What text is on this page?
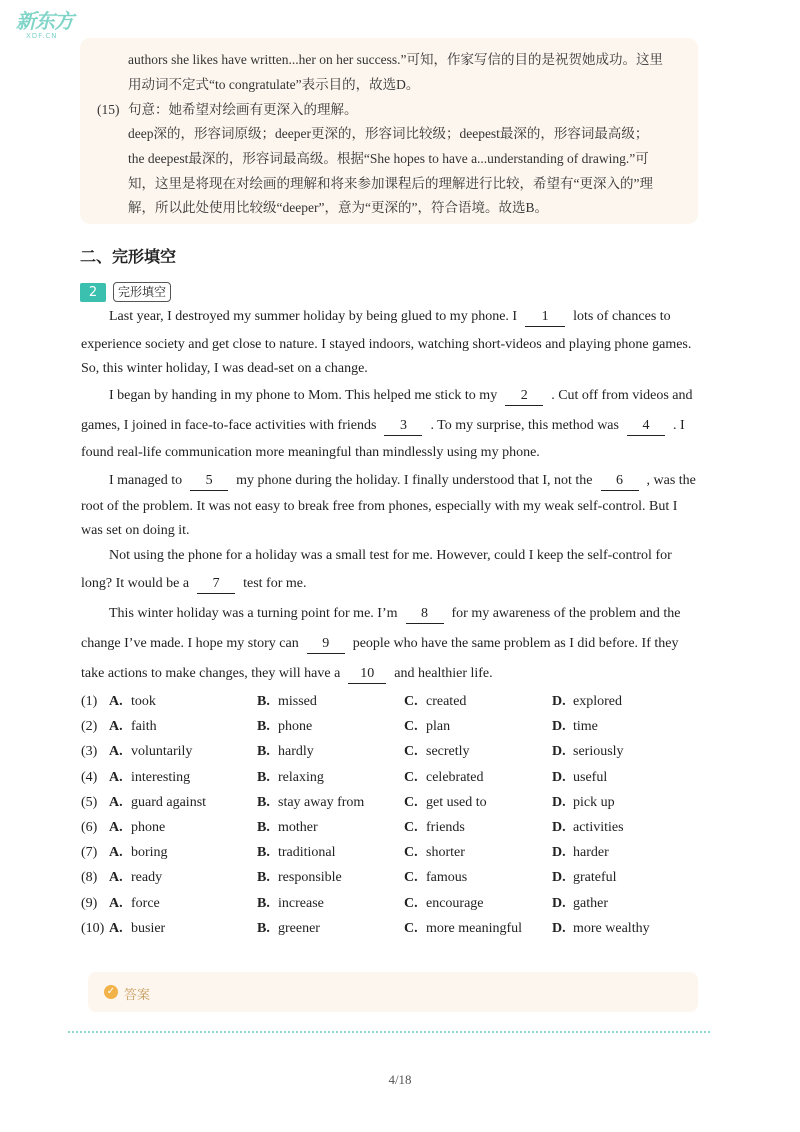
新东方
XDF.CN
authors she likes have written...her on her success.”可知，作家写信的目的是祝贺她成功。这里
用动词不定式“to congratulate”表示目的，故选D。
(15) 句意：她希望对绘画有更深入的理解。
deep深的，形容词原级；deeper更深的，形容词比较级；deepest最深的，形容词最高级；
the deepest最深的，形容词最高级。根据“She hopes to have a...understanding of drawing.”可
知，这里是将现在对绘画的理解和将来参加课程后的理解进行比较，希望有“更深入的”理
解，所以此处使用比较级“deeper”，意为“更深的”，符合语境。故选B。
二、完形填空
2	完形填空
Last year, I destroyed my summer holiday by being glued to my phone. I 1 lots of chances to
experience society and get close to nature. I stayed indoors, watching short-videos and playing phone games.
So, this winter holiday, I was dead-set on a change.
I began by handing in my phone to Mom. This helped me stick to my 2 . Cut off from videos and
games, I joined in face-to-face activities with friends 3 . To my surprise, this method was 4 . I
found real-life communication more meaningful than mindlessly using my phone.
I managed to 5 my phone during the holiday. I finally understood that I, not the 6 , was the
root of the problem. It was not easy to break free from phones, especially with my weak self-control. But I
was set on doing it.
Not using the phone for a holiday was a small test for me. However, could I keep the self-control for
long? It would be a 7 test for me.
This winter holiday was a turning point for me. I’m 8 for my awareness of the problem and the
change I’ve made. I hope my story can 9 people who have the same problem as I did before. If they
take actions to make changes, they will have a 10 and healthier life.
(1) A. took	B. missed	C. created	D. explored
(2) A. faith	B. phone	C. plan	D. time
(3) A. voluntarily	B. hardly	C. secretly	D. seriously
(4) A. interesting	B. relaxing	C. celebrated	D. useful
(5) A. guard against	B. stay away from	C. get used to	D. pick up
(6) A. phone	B. mother	C. friends	D. activities
(7) A. boring	B. traditional	C. shorter	D. harder
(8) A. ready	B. responsible	C. famous	D. grateful
(9) A. force	B. increase	C. encourage	D. gather
(10) A. busier	B. greener	C. more meaningful D. more wealthy
✓ 答案
4/18
